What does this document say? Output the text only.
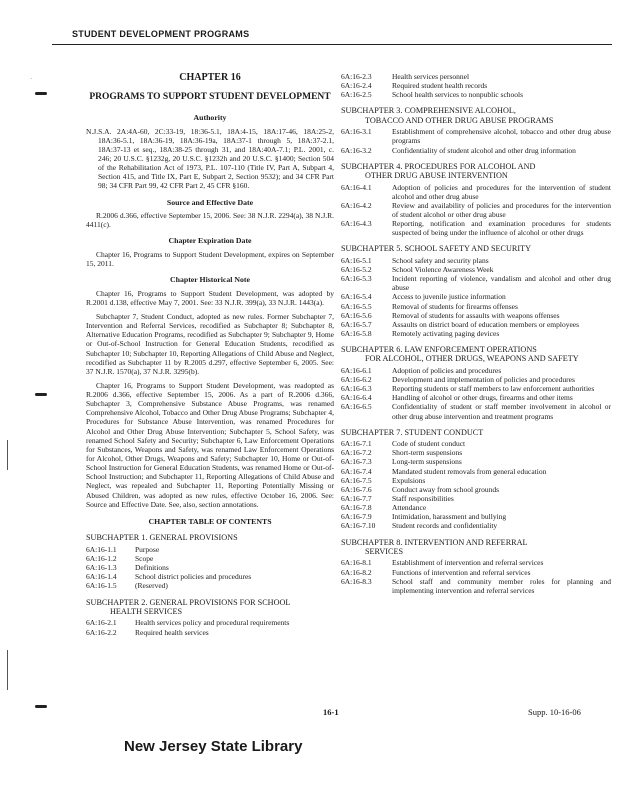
STUDENT DEVELOPMENT PROGRAMS
·	CHAPTER 16
PROGRAMS TO SUPPORT STUDENT DEVELOPMENT
Authority

N.J.S.A. 2A:4A-60, 2C:33-19, 18:36-5.1, 18A:4-15, 18A:17-46, 18A:25-2, 18A:36-5.1, 18A:36-19, 18A:36-19a, 18A:37-1 through 5, 18A:37-2.1, 18A:37-13 et seq., 18A:38-25 through 31, and 18A:40A-7.1; P.L. 2001, c. 246; 20 U.S.C. §1232g, 20 U.S.C. §1232h and 20 U.S.C. §1400; Section 504 of the Rehabilitation Act of 1973, P.L. 107-110 (Title IV, Part A, Subpart 4, Section 415, and Title IX, Part E, Subpart 2, Section 9532); and 34 CFR Part 98; 34 CFR Part 99, 42 CFR Part 2, 45 CFR §160.

Source and Effective Date

R.2006 d.366, effective September 15, 2006. See: 38 N.J.R. 2294(a), 38 N.J.R. 4411(c).

Chapter Expiration Date

Chapter 16, Programs to Support Student Development, expires on September 15, 2011.

Chapter Historical Note

Chapter 16, Programs to Support Student Development, was adopted by R.2001 d.138, effective May 7, 2001. See: 33 N.J.R. 399(a), 33 N.J.R. 1443(a).

Subchapter 7, Student Conduct, adopted as new rules. Former Subchapter 7, Intervention and Referral Services, recodified as Subchapter 8; Subchapter 8, Alternative Education Programs, recodified as Subchapter 9; Subchapter 9, Home or Out-of-School Instruction for General Education Students, recodified as Subchapter 10; Subchapter 10, Reporting Allegations of Child Abuse and Neglect, recodified as Subchapter 11 by R.2005 d.297, effective September 6, 2005. See: 37 N.J.R. 1570(a), 37 N.J.R. 3295(b).

Chapter 16, Programs to Support Student Development, was readopted as R.2006 d.366, effective September 15, 2006. As a part of R.2006 d.366, Subchapter 3, Comprehensive Substance Abuse Programs, was renamed Comprehensive Alcohol, Tobacco and Other Drug Abuse Programs; Subchapter 4, Procedures for Substance Abuse Intervention, was renamed Procedures for Alcohol and Other Drug Abuse Intervention; Subchapter 5, School Safety, was renamed School Safety and Security; Subchapter 6, Law Enforcement Operations for Substances, Weapons and Safety, was renamed Law Enforcement Operations for Alcohol, Other Drugs, Weapons and Safety; Subchapter 10, Home or Out-of-School Instruction for General Education Students, was renamed Home or Out-of-School Instruction; and Subchapter 11, Reporting Allegations of Child Abuse and Neglect, was repealed and Subchapter 11, Reporting Potentially Missing or Abused Children, was adopted as new rules, effective October 16, 2006. See: Source and Effective Date. See, also, section annotations.

CHAPTER TABLE OF CONTENTS
SUBCHAPTER 1. GENERAL PROVISIONS
6A:16-1.1	Purpose
6A:16-1.2	Scope
6A:16-1.3	Definitions
6A:16-1.4	School district policies and procedures
6A:16-1.5	(Reserved)
SUBCHAPTER 2. GENERAL PROVISIONS FOR SCHOOL
HEALTH SERVICES
6A:16-2.1	Health services policy and procedural requirements
6A:16-2.2	Required health services
6A:16-2.3	Health services personnel
6A:16-2.4	Required student health records
6A:16-2.5	School health services to nonpublic schools
SUBCHAPTER 3. COMPREHENSIVE ALCOHOL,
TOBACCO AND OTHER DRUG ABUSE PROGRAMS
6A:16-3.1	Establishment of comprehensive alcohol, tobacco and other drug abuse programs
6A:16-3.2	Confidentiality of student alcohol and other drug information
SUBCHAPTER 4. PROCEDURES FOR ALCOHOL AND
OTHER DRUG ABUSE INTERVENTION
6A:16-4.1	Adoption of policies and procedures for the intervention of student alcohol and other drug abuse
6A:16-4.2	Review and availability of policies and procedures for the intervention of student alcohol or other drug abuse
6A:16-4.3	Reporting, notification and examination procedures for students suspected of being under the influence of alcohol or other drugs
SUBCHAPTER 5. SCHOOL SAFETY AND SECURITY
6A:16-5.1	School safety and security plans
6A:16-5.2	School Violence Awareness Week
6A:16-5.3	Incident reporting of violence, vandalism and alcohol and other drug abuse
6A:16-5.4	Access to juvenile justice information
6A:16-5.5	Removal of students for firearms offenses
6A:16-5.6	Removal of students for assaults with weapons offenses
6A:16-5.7	Assaults on district board of education members or employees
6A:16-5.8	Remotely activating paging devices
SUBCHAPTER 6. LAW ENFORCEMENT OPERATIONS
FOR ALCOHOL, OTHER DRUGS, WEAPONS AND SAFETY
6A:16-6.1	Adoption of policies and procedures
6A:16-6.2	Development and implementation of policies and procedures
6A:16-6.3	Reporting students or staff members to law enforcement authorities
6A:16-6.4	Handling of alcohol or other drugs, firearms and other items
6A:16-6.5	Confidentiality of student or staff member involvement in alcohol or other drug abuse intervention and treatment programs
SUBCHAPTER 7. STUDENT CONDUCT
6A:16-7.1	Code of student conduct
6A:16-7.2	Short-term suspensions
6A:16-7.3	Long-term suspensions
6A:16-7.4	Mandated student removals from general education
6A:16-7.5	Expulsions
6A:16-7.6	Conduct away from school grounds
6A:16-7.7	Staff responsibilities
6A:16-7.8	Attendance
6A:16-7.9	Intimidation, harassment and bullying
6A:16-7.10	Student records and confidentiality
SUBCHAPTER 8. INTERVENTION AND REFERRAL
SERVICES
6A:16-8.1	Establishment of intervention and referral services
6A:16-8.2	Functions of intervention and referral services
6A:16-8.3	School staff and community member roles for planning and implementing intervention and referral services
16-1	Supp. 10-16-06
New Jersey State Library
